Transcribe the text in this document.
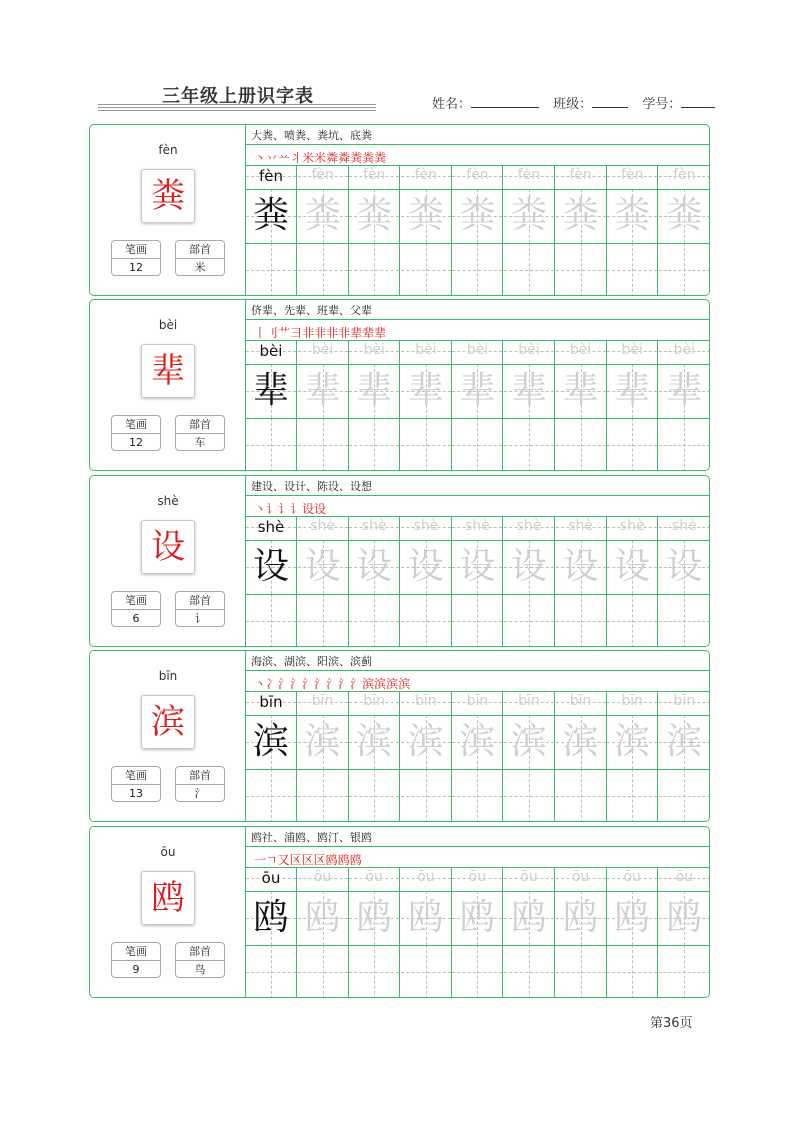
三年级上册识字表	姓名：	班级：	学号：
fèn
粪
笔画
12
部首
米
大粪、喷粪、粪坑、底粪
丶丷䒑丬米米粦粦粪粪粪
fèn
粪
fèn
粪
fèn
粪
fèn
粪
fèn
粪
fèn
粪
fèn
粪
fèn
粪
fèn
粪
bèi
辈
笔画
12
部首
车
侪辈、先辈、班辈、父辈
丨刂⺾彐非非非非辈辈辈
bèi
辈
bèi
辈
bèi
辈
bèi
辈
bèi
辈
bèi
辈
bèi
辈
bèi
辈
bèi
辈
shè
设
笔画
6
部首
讠
建设、设计、陈设、设想
丶讠讠讠设设
shè
设
shè
设
shè
设
shè
设
shè
设
shè
设
shè
设
shè
设
shè
设
bīn
滨
笔画
13
部首
氵
海滨、湖滨、阳滨、滨蓟
丶冫氵氵氵氵氵氵氵滨滨滨滨
bīn
滨
bīn
滨
bīn
滨
bīn
滨
bīn
滨
bīn
滨
bīn
滨
bīn
滨
bīn
滨
ōu
鸥
笔画
9
部首
鸟
鸥社、浦鸥、鸥汀、银鸥
一ㄱ又区区区鸥鸥鸥
ōu
鸥
ōu
鸥
ōu
鸥
ōu
鸥
ōu
鸥
ōu
鸥
ōu
鸥
ōu
鸥
ōu
鸥
第36页
